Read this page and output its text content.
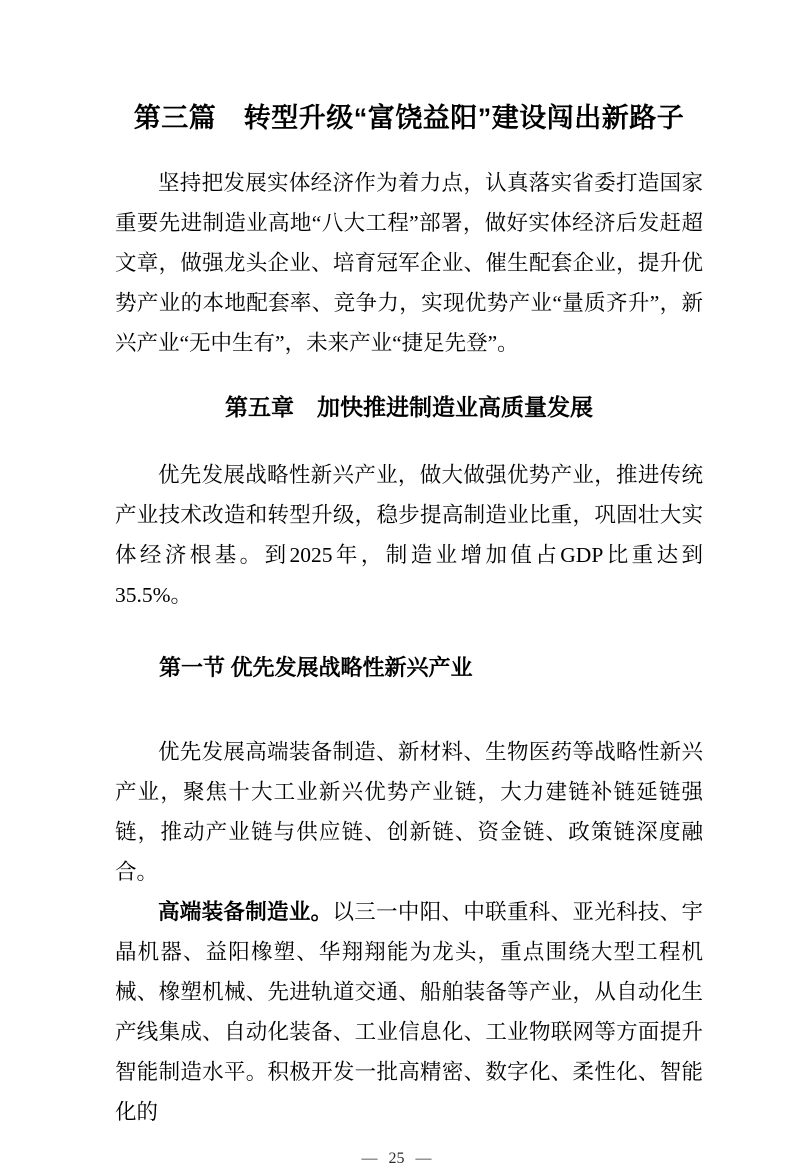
第三篇　转型升级“富饶益阳”建设闯出新路子

坚持把发展实体经济作为着力点，认真落实省委打造国家重要先进制造业高地“八大工程”部署，做好实体经济后发赶超文章，做强龙头企业、培育冠军企业、催生配套企业，提升优势产业的本地配套率、竞争力，实现优势产业“量质齐升”，新兴产业“无中生有”，未来产业“捷足先登”。

第五章　加快推进制造业高质量发展

优先发展战略性新兴产业，做大做强优势产业，推进传统产业技术改造和转型升级，稳步提高制造业比重，巩固壮大实体经济根基。到2025年，制造业增加值占GDP比重达到35.5%。

第一节 优先发展战略性新兴产业

优先发展高端装备制造、新材料、生物医药等战略性新兴产业，聚焦十大工业新兴优势产业链，大力建链补链延链强链，推动产业链与供应链、创新链、资金链、政策链深度融合。

高端装备制造业。以三一中阳、中联重科、亚光科技、宇晶机器、益阳橡塑、华翔翔能为龙头，重点围绕大型工程机械、橡塑机械、先进轨道交通、船舶装备等产业，从自动化生产线集成、自动化装备、工业信息化、工业物联网等方面提升智能制造水平。积极开发一批高精密、数字化、柔性化、智能化的

— 25 —
